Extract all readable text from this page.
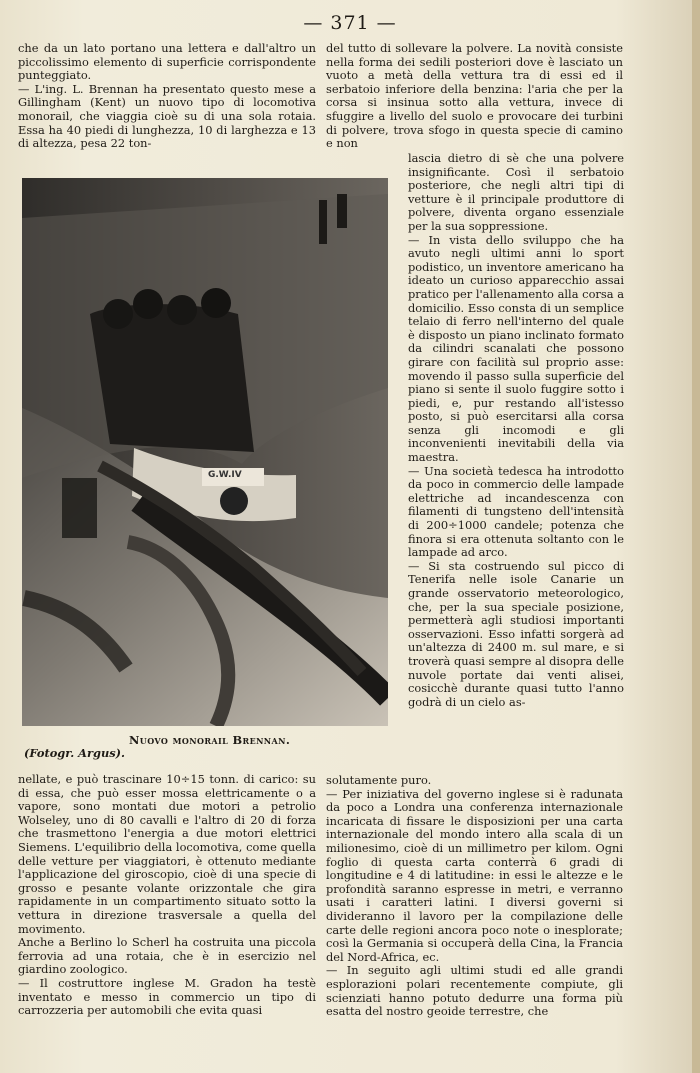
— 371 —
che da un lato portano una lettera e dall'altro un piccolissimo elemento di superficie corrispondente punteggiato.
— L'ing. L. Brennan ha presentato questo mese a Gillingham (Kent) un nuovo tipo di locomotiva monorail, che viaggia cioè su di una sola rotaia. Essa ha 40 piedi di lunghezza, 10 di larghezza e 13 di altezza, pesa 22 ton-
del tutto di sollevare la polvere. La novità consiste nella forma dei sedili posteriori dove è lasciato un vuoto a metà della vettura tra di essi ed il serbatoio inferiore della benzina: l'aria che per la corsa si insinua sotto alla vettura, invece di sfuggire a livello del suolo e provocare dei turbini di polvere, trova sfogo in questa specie di camino e non
lascia dietro di sè che una polvere insignificante. Così il serbatoio posteriore, che negli altri tipi di vetture è il principale produttore di polvere, diventa organo essenziale per la sua soppressione.
— In vista dello sviluppo che ha avuto negli ultimi anni lo sport podistico, un inventore americano ha ideato un curioso apparecchio assai pratico per l'allenamento alla corsa a domicilio. Esso consta di un semplice telaio di ferro nell'interno del quale è disposto un piano inclinato formato da cilindri scanalati che possono girare con facilità sul proprio asse: movendo il passo sulla superficie del piano si sente il suolo fuggire sotto i piedi, e, pur restando all'istesso posto, si può esercitarsi alla corsa senza gli incomodi e gli inconvenienti inevitabili della via maestra.
— Una società tedesca ha introdotto da poco in commercio delle lampade elettriche ad incandescenza con filamenti di tungsteno dell'intensità di 200÷1000 candele; potenza che finora si era ottenuta soltanto con le lampade ad arco.
— Si sta costruendo sul picco di Tenerifa nelle isole Canarie un grande osservatorio meteorologico, che, per la sua speciale posizione, permetterà agli studiosi importanti osservazioni. Esso infatti sorgerà ad un'altezza di 2400 m. sul mare, e si troverà quasi sempre al disopra delle nuvole portate dai venti alisei, cosicchè durante quasi tutto l'anno godrà di un cielo as-
G.W.IV
Nuovo monorail Brennan.
(Fotogr. Argus).
nellate, e può trascinare 10÷15 tonn. di carico: su di essa, che può esser mossa elettricamente o a vapore, sono montati due motori a petrolio Wolseley, uno di 80 cavalli e l'altro di 20 di forza che trasmettono l'energia a due motori elettrici Siemens. L'equilibrio della locomotiva, come quella delle vetture per viaggiatori, è ottenuto mediante l'applicazione del giroscopio, cioè di una specie di grosso e pesante volante orizzontale che gira rapidamente in un compartimento situato sotto la vettura in direzione trasversale a quella del movimento.
Anche a Berlino lo Scherl ha costruita una piccola ferrovia ad una rotaia, che è in esercizio nel giardino zoologico.
— Il costruttore inglese M. Gradon ha testè inventato e messo in commercio un tipo di carrozzeria per automobili che evita quasi
solutamente puro.
— Per iniziativa del governo inglese si è radunata da poco a Londra una conferenza internazionale incaricata di fissare le disposizioni per una carta internazionale del mondo intero alla scala di un milionesimo, cioè di un millimetro per kilom. Ogni foglio di questa carta conterrà 6 gradi di longitudine e 4 di latitudine: in essi le altezze e le profondità saranno espresse in metri, e verranno usati i caratteri latini. I diversi governi si divideranno il lavoro per la compilazione delle carte delle regioni ancora poco note o inesplorate; così la Germania si occuperà della Cina, la Francia del Nord-Africa, ec.
— In seguito agli ultimi studi ed alle grandi esplorazioni polari recentemente compiute, gli scienziati hanno potuto dedurre una forma più esatta del nostro geoide terrestre, che
